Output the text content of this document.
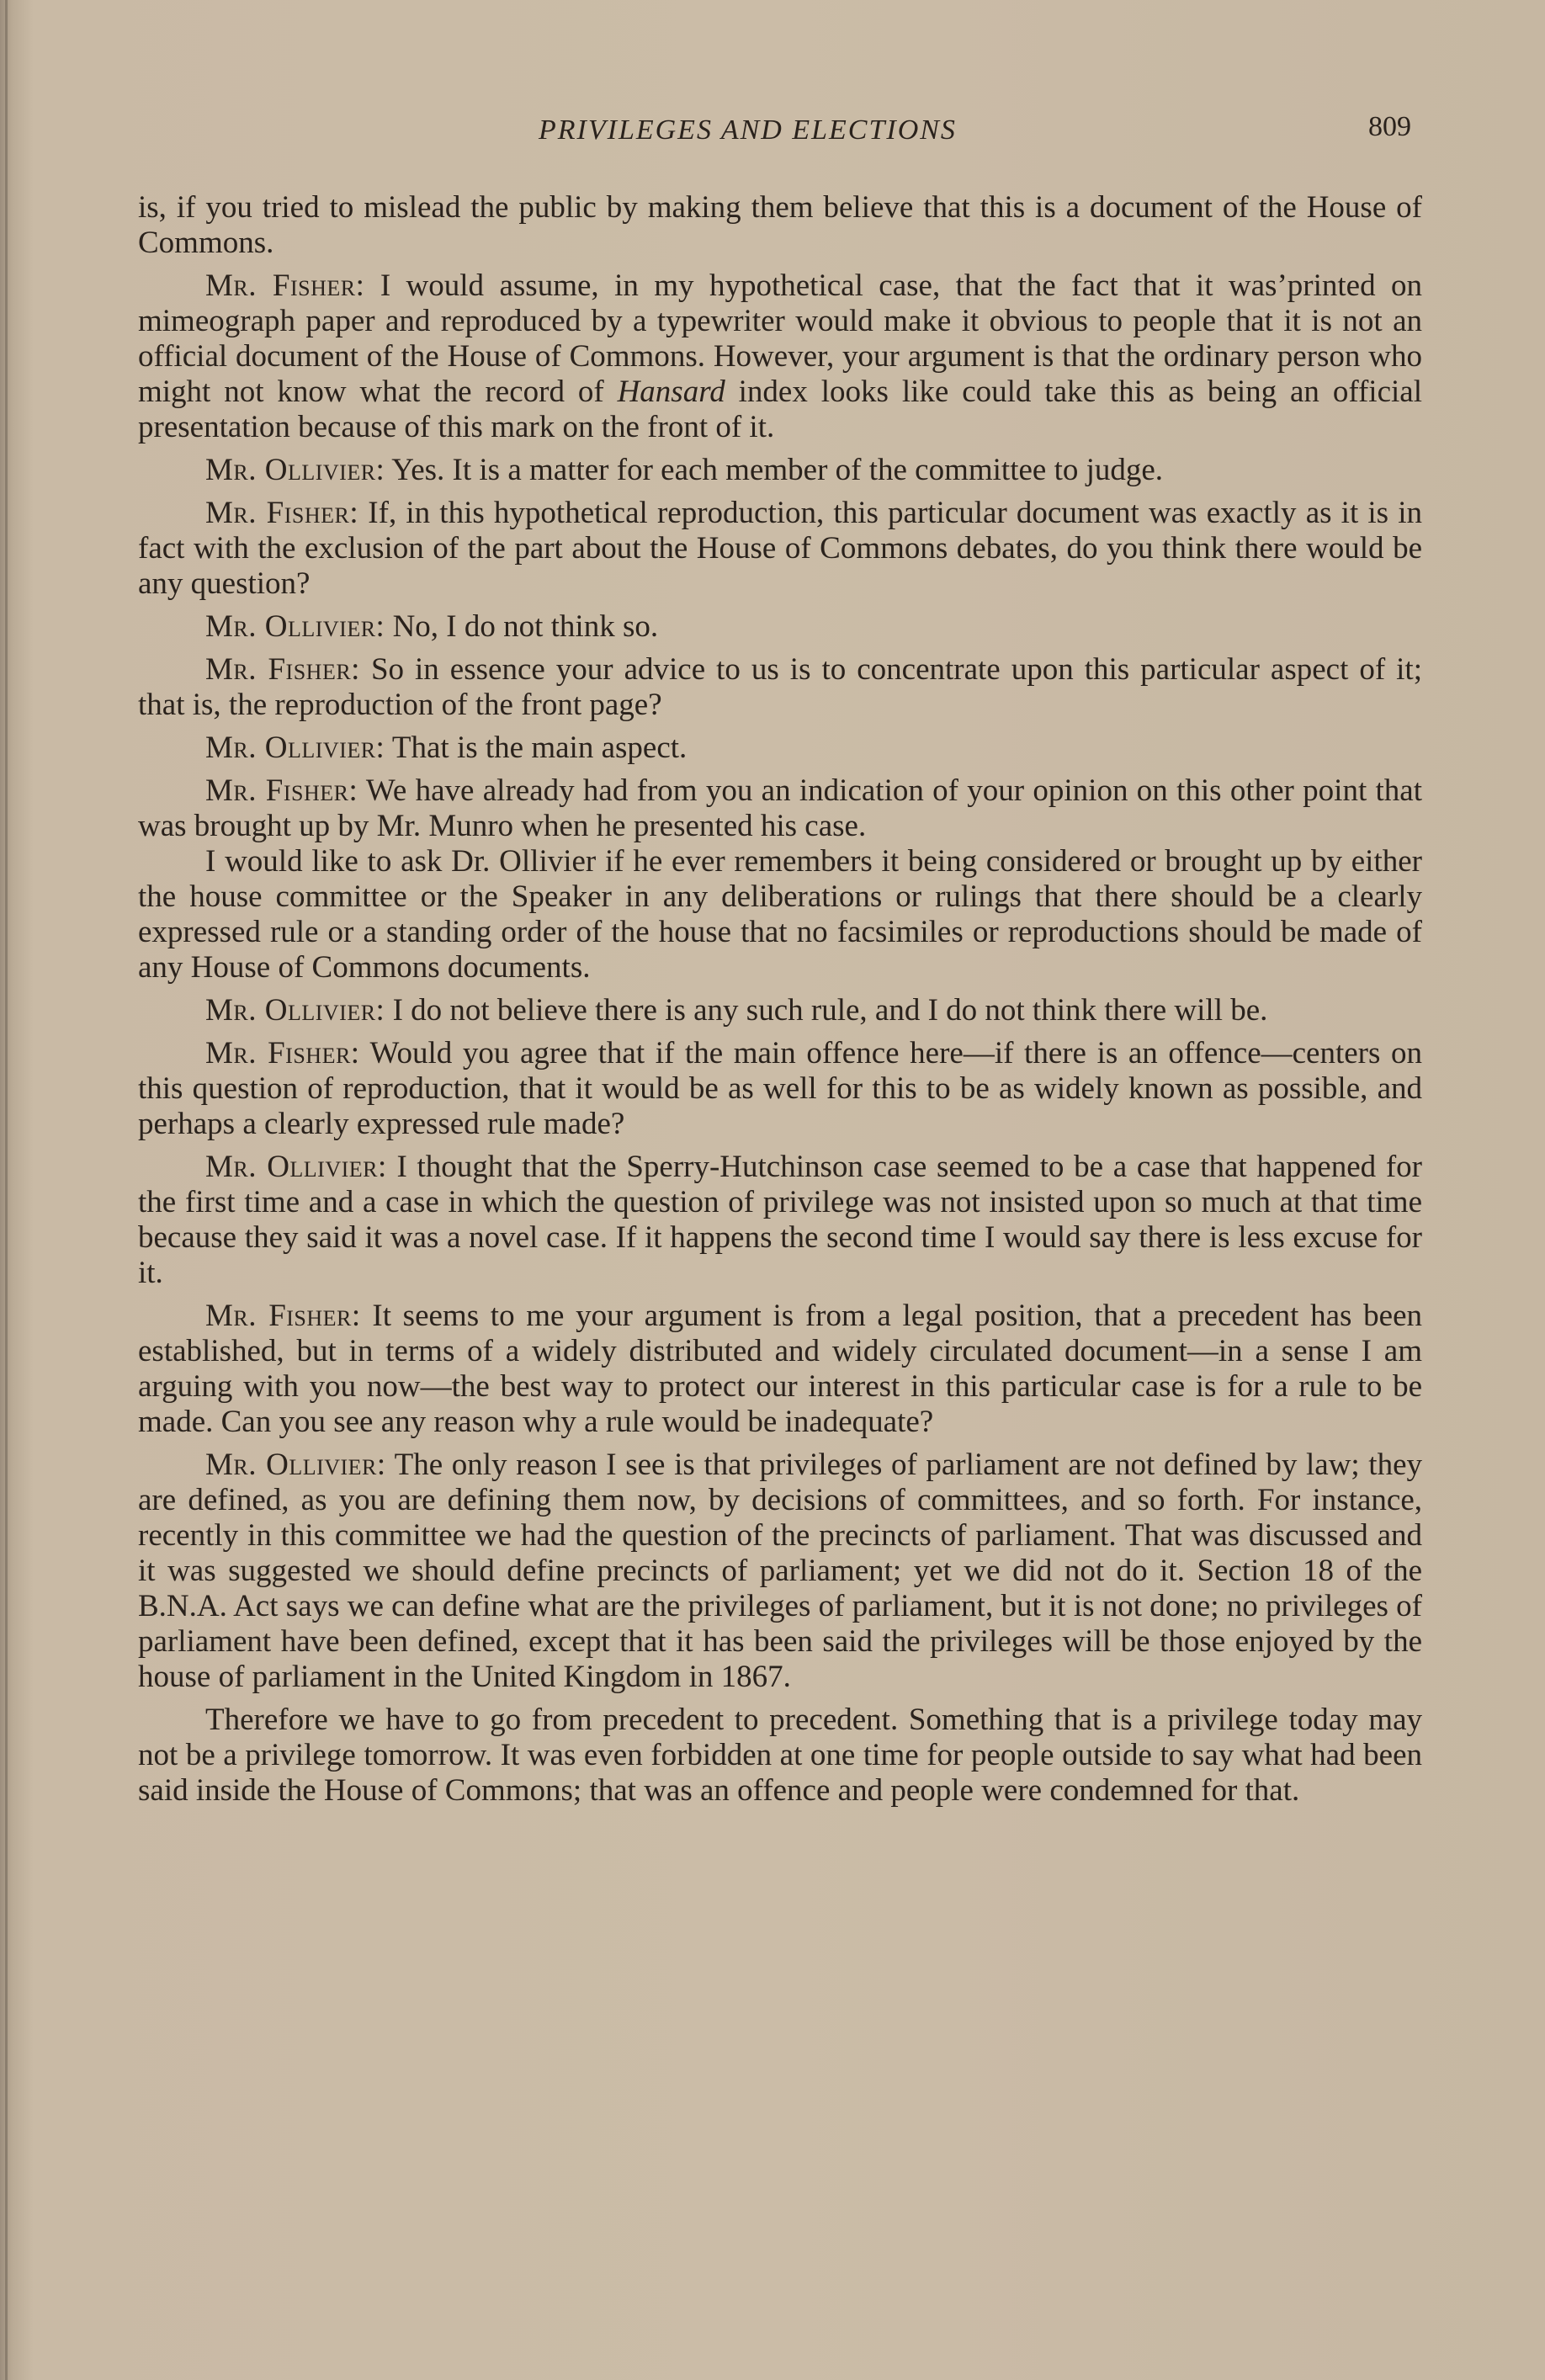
PRIVILEGES AND ELECTIONS	809

is, if you tried to mislead the public by making them believe that this is a document of the House of Commons.

Mr. Fisher: I would assume, in my hypothetical case, that the fact that it was’printed on mimeograph paper and reproduced by a typewriter would make it obvious to people that it is not an official document of the House of Commons. However, your argument is that the ordinary person who might not know what the record of Hansard index looks like could take this as being an official presentation because of this mark on the front of it.

Mr. Ollivier: Yes. It is a matter for each member of the committee to judge.

Mr. Fisher: If, in this hypothetical reproduction, this particular document was exactly as it is in fact with the exclusion of the part about the House of Commons debates, do you think there would be any question?

Mr. Ollivier: No, I do not think so.

Mr. Fisher: So in essence your advice to us is to concentrate upon this particular aspect of it; that is, the reproduction of the front page?

Mr. Ollivier: That is the main aspect.

Mr. Fisher: We have already had from you an indication of your opinion on this other point that was brought up by Mr. Munro when he presented his case.

I would like to ask Dr. Ollivier if he ever remembers it being considered or brought up by either the house committee or the Speaker in any deliberations or rulings that there should be a clearly expressed rule or a standing order of the house that no facsimiles or reproductions should be made of any House of Commons documents.

Mr. Ollivier: I do not believe there is any such rule, and I do not think there will be.

Mr. Fisher: Would you agree that if the main offence here—if there is an offence—centers on this question of reproduction, that it would be as well for this to be as widely known as possible, and perhaps a clearly expressed rule made?

Mr. Ollivier: I thought that the Sperry-Hutchinson case seemed to be a case that happened for the first time and a case in which the question of privilege was not insisted upon so much at that time because they said it was a novel case. If it happens the second time I would say there is less excuse for it.

Mr. Fisher: It seems to me your argument is from a legal position, that a precedent has been established, but in terms of a widely distributed and widely circulated document—in a sense I am arguing with you now—the best way to protect our interest in this particular case is for a rule to be made. Can you see any reason why a rule would be inadequate?

Mr. Ollivier: The only reason I see is that privileges of parliament are not defined by law; they are defined, as you are defining them now, by decisions of committees, and so forth. For instance, recently in this committee we had the question of the precincts of parliament. That was discussed and it was suggested we should define precincts of parliament; yet we did not do it. Section 18 of the B.N.A. Act says we can define what are the privileges of parliament, but it is not done; no privileges of parliament have been defined, except that it has been said the privileges will be those enjoyed by the house of parliament in the United Kingdom in 1867.

Therefore we have to go from precedent to precedent. Something that is a privilege today may not be a privilege tomorrow. It was even forbidden at one time for people outside to say what had been said inside the House of Commons; that was an offence and people were condemned for that.
